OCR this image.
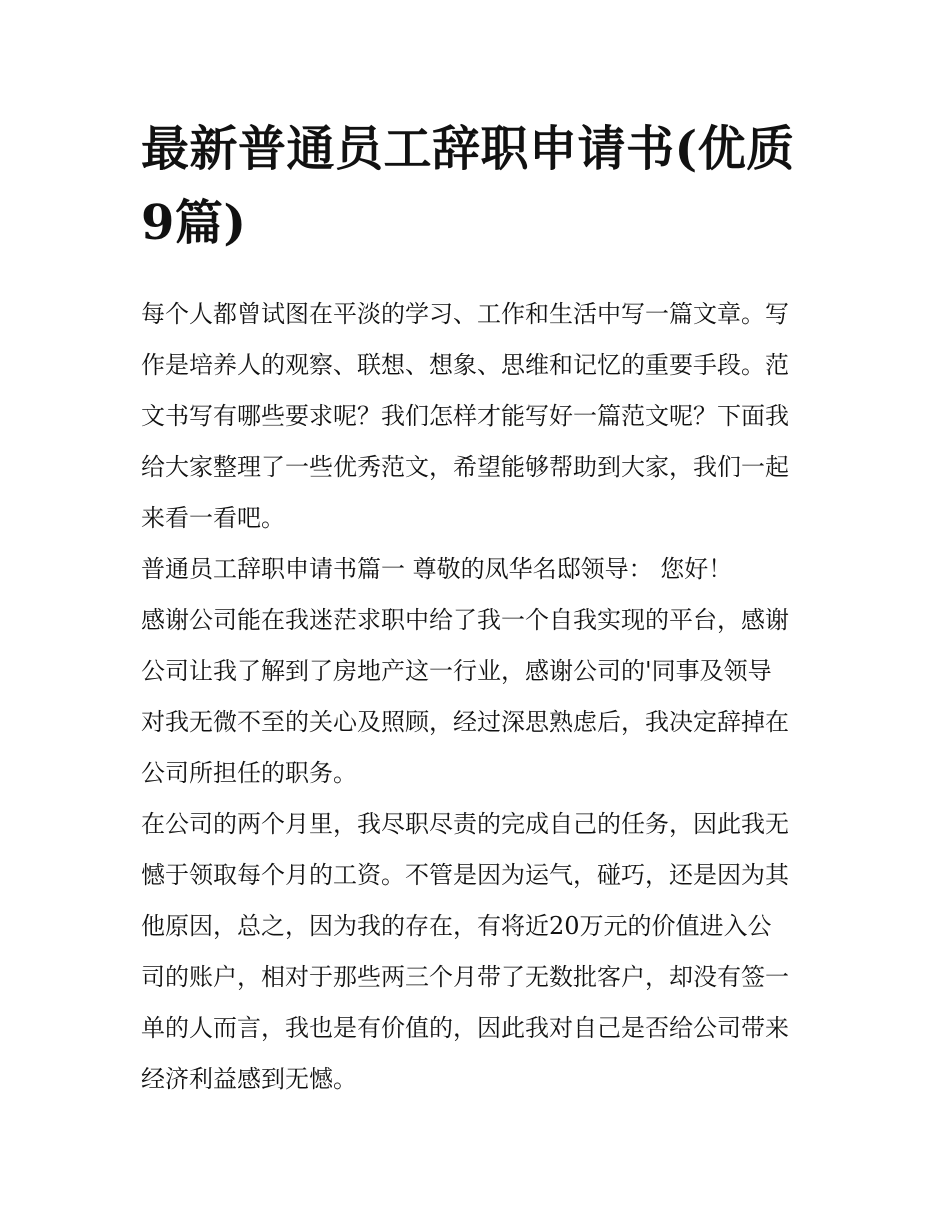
最新普通员工辞职申请书(优质
9篇)
每个人都曾试图在平淡的学习、工作和生活中写一篇文章。写
作是培养人的观察、联想、想象、思维和记忆的重要手段。范
文书写有哪些要求呢？我们怎样才能写好一篇范文呢？下面我
给大家整理了一些优秀范文，希望能够帮助到大家，我们一起
来看一看吧。
普通员工辞职申请书篇一 尊敬的凤华名邸领导： 您好！
感谢公司能在我迷茫求职中给了我一个自我实现的平台，感谢
公司让我了解到了房地产这一行业，感谢公司的'同事及领导
对我无微不至的关心及照顾，经过深思熟虑后，我决定辞掉在
公司所担任的职务。
在公司的两个月里，我尽职尽责的完成自己的任务，因此我无
憾于领取每个月的工资。不管是因为运气，碰巧，还是因为其
他原因，总之，因为我的存在，有将近20万元的价值进入公
司的账户，相对于那些两三个月带了无数批客户，却没有签一
单的人而言，我也是有价值的，因此我对自己是否给公司带来
经济利益感到无憾。
